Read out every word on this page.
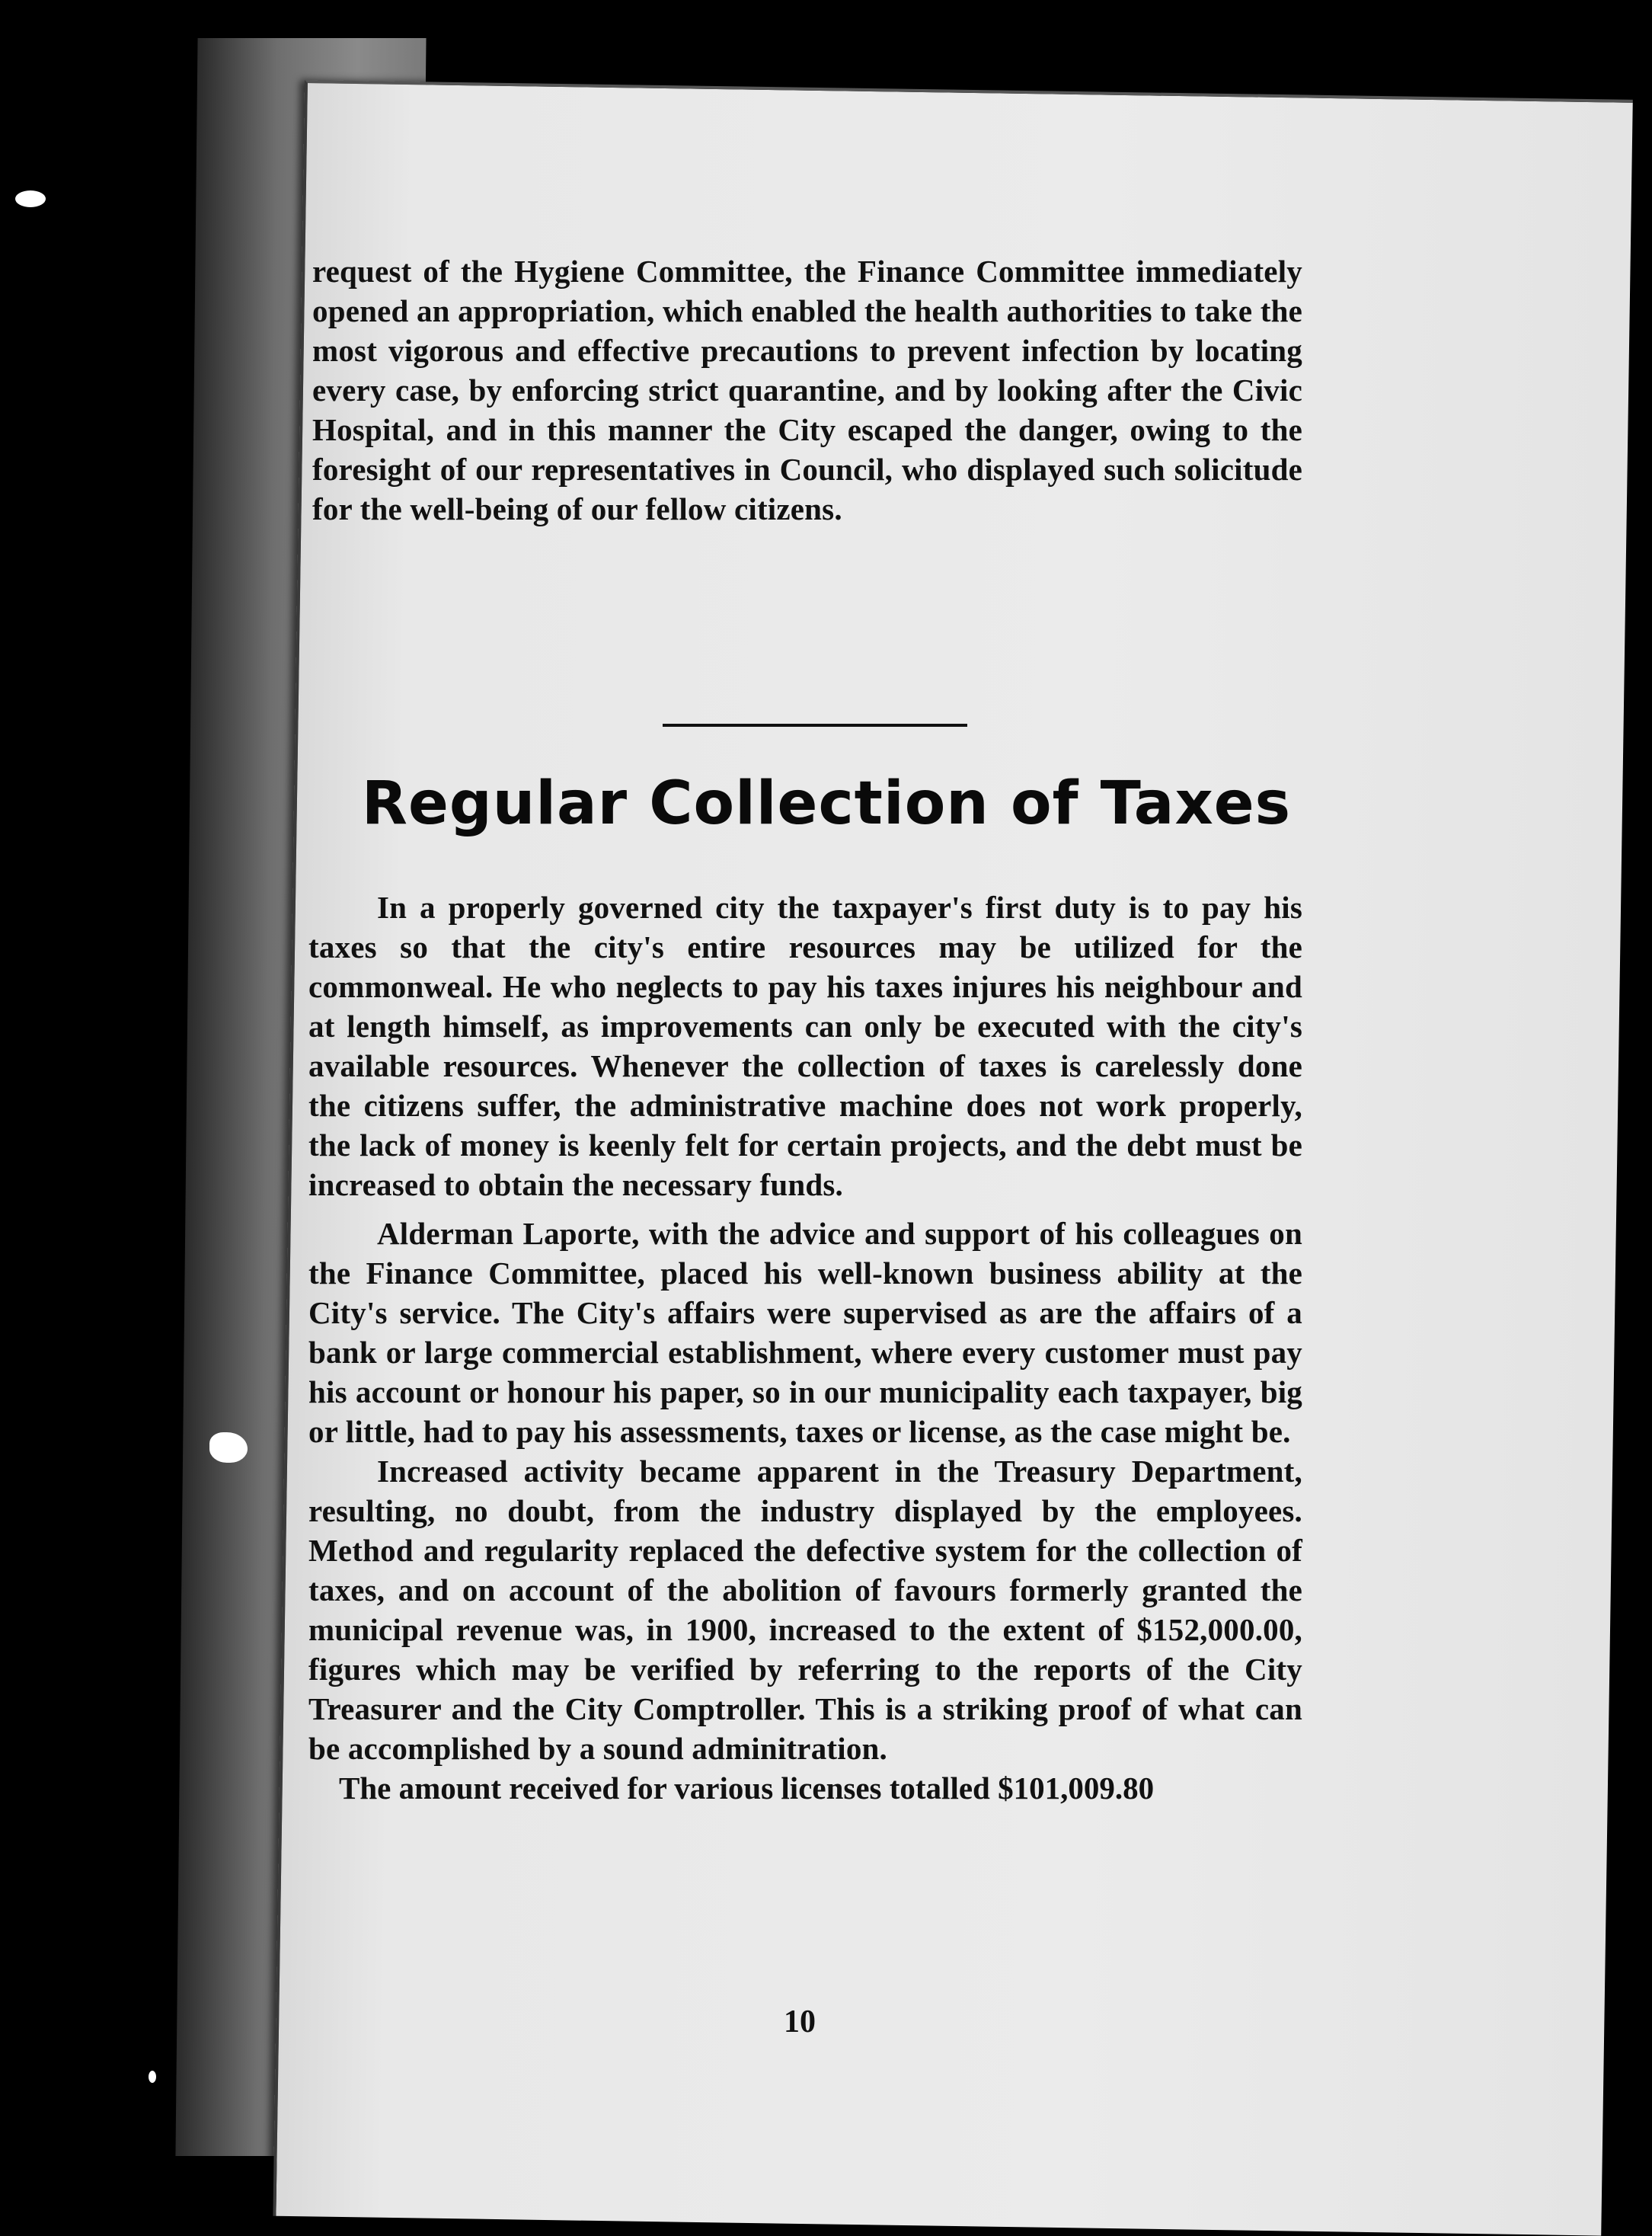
request of the Hygiene Committee, the Finance Committee immediately opened an appropriation, which enabled the health authorities to take the most vigorous and effective precautions to prevent infection by locating every case, by enforcing strict quarantine, and by looking after the Civic Hospital, and in this manner the City escaped the danger, owing to the foresight of our representatives in Council, who displayed such solicitude for the well-being of our fellow citizens.

Regular Collection of Taxes

In a properly governed city the taxpayer's first duty is to pay his taxes so that the city's entire resources may be utilized for the commonweal. He who neglects to pay his taxes injures his neighbour and at length himself, as improvements can only be executed with the city's available resources. Whenever the collection of taxes is carelessly done the citizens suffer, the administrative machine does not work properly, the lack of money is keenly felt for certain projects, and the debt must be increased to obtain the necessary funds.

Alderman Laporte, with the advice and support of his colleagues on the Finance Committee, placed his well-known business ability at the City's service. The City's affairs were supervised as are the affairs of a bank or large commercial establishment, where every customer must pay his account or honour his paper, so in our municipality each taxpayer, big or little, had to pay his assessments, taxes or license, as the case might be.

Increased activity became apparent in the Treasury Department, resulting, no doubt, from the industry displayed by the employees. Method and regularity replaced the defective system for the collection of taxes, and on account of the abolition of favours formerly granted the municipal revenue was, in 1900, increased to the extent of $152,000.00, figures which may be verified by referring to the reports of the City Treasurer and the City Comptroller. This is a striking proof of what can be accomplished by a sound adminitration.

The amount received for various licenses totalled $101,009.80

10
